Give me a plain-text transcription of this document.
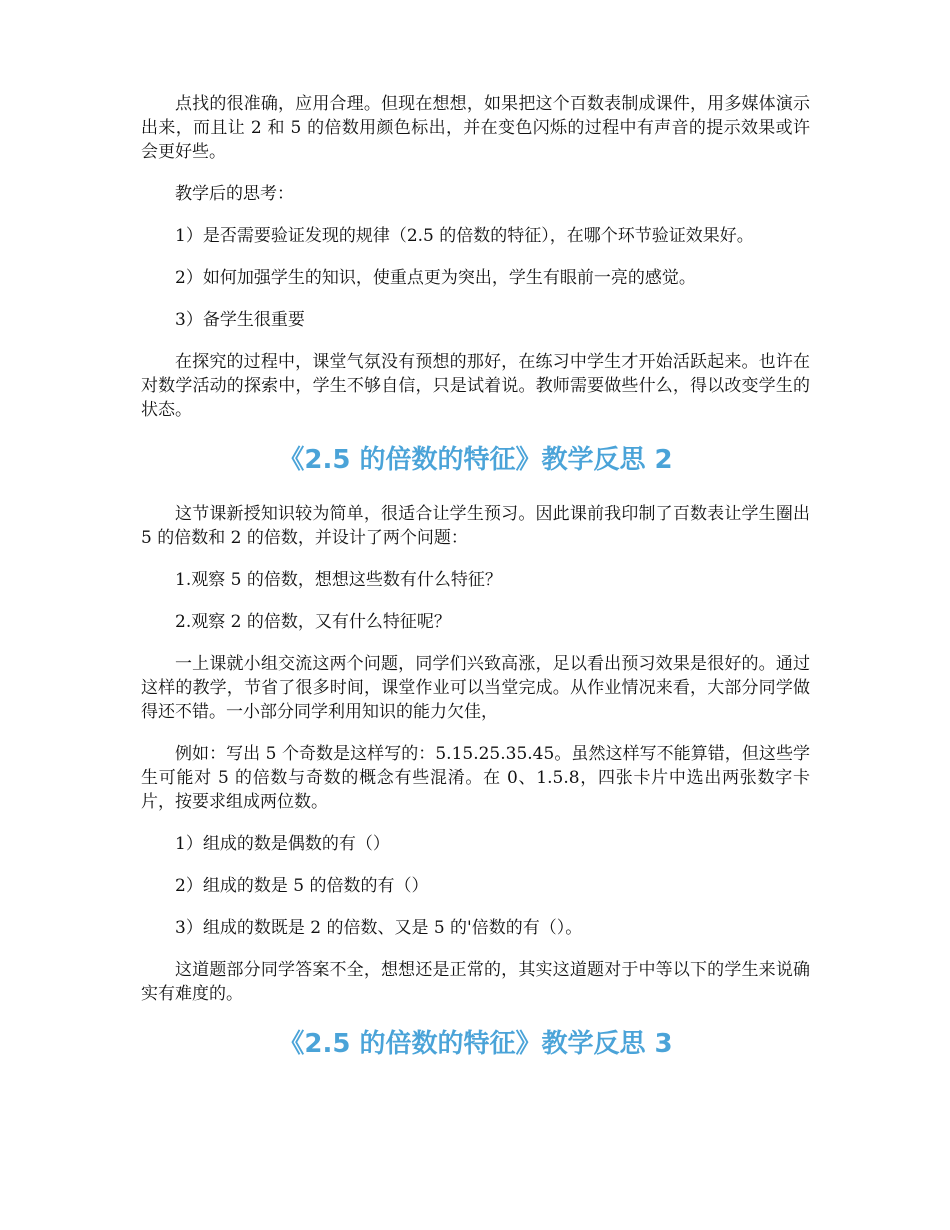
点找的很准确，应用合理。但现在想想，如果把这个百数表制成课件，用多媒体演示出来，而且让 2 和 5 的倍数用颜色标出，并在变色闪烁的过程中有声音的提示效果或许会更好些。

教学后的思考：

1）是否需要验证发现的规律（2.5 的倍数的特征），在哪个环节验证效果好。

2）如何加强学生的知识，使重点更为突出，学生有眼前一亮的感觉。

3）备学生很重要

在探究的过程中，课堂气氛没有预想的那好，在练习中学生才开始活跃起来。也许在对数学活动的探索中，学生不够自信，只是试着说。教师需要做些什么，得以改变学生的状态。

《2.5 的倍数的特征》教学反思 2

这节课新授知识较为简单，很适合让学生预习。因此课前我印制了百数表让学生圈出 5 的倍数和 2 的倍数，并设计了两个问题：

1.观察 5 的倍数，想想这些数有什么特征？

2.观察 2 的倍数，又有什么特征呢？

一上课就小组交流这两个问题，同学们兴致高涨，足以看出预习效果是很好的。通过这样的教学，节省了很多时间，课堂作业可以当堂完成。从作业情况来看，大部分同学做得还不错。一小部分同学利用知识的能力欠佳，

例如：写出 5 个奇数是这样写的：5.15.25.35.45。虽然这样写不能算错，但这些学生可能对 5 的倍数与奇数的概念有些混淆。在 0、1.5.8，四张卡片中选出两张数字卡片，按要求组成两位数。

1）组成的数是偶数的有（）

2）组成的数是 5 的倍数的有（）

3）组成的数既是 2 的倍数、又是 5 的'倍数的有（）。

这道题部分同学答案不全，想想还是正常的，其实这道题对于中等以下的学生来说确实有难度的。

《2.5 的倍数的特征》教学反思 3
